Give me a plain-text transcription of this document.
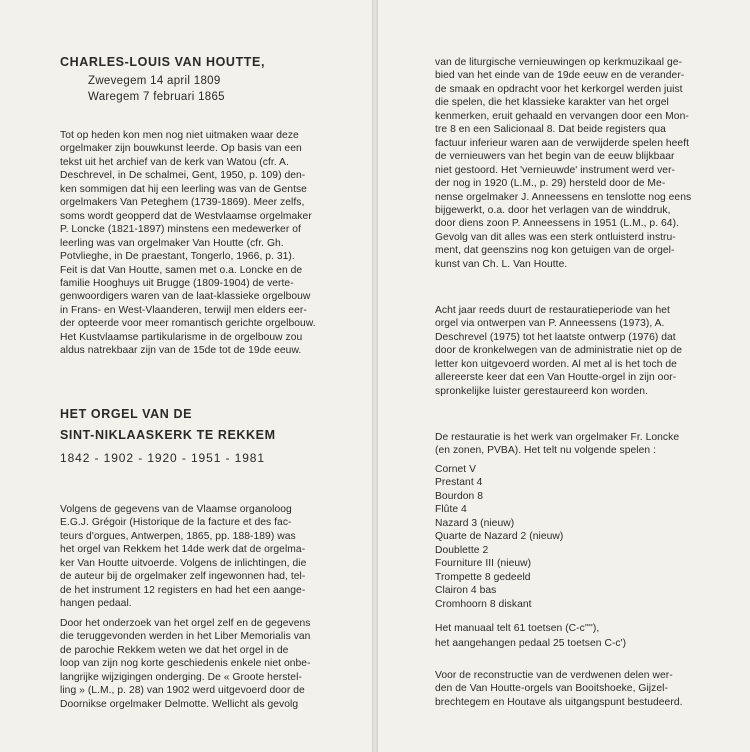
CHARLES-LOUIS VAN HOUTTE,

Zwevegem 14 april 1809

Waregem 7 februari 1865

Tot op heden kon men nog niet uitmaken waar deze

orgelmaker zijn bouwkunst leerde. Op basis van een

tekst uit het archief van de kerk van Watou (cfr. A.

Deschrevel, in De schalmei, Gent, 1950, p. 109) den-

ken sommigen dat hij een leerling was van de Gentse

orgelmakers Van Peteghem (1739-1869). Meer zelfs,

soms wordt geopperd dat de Westvlaamse orgelmaker

P. Loncke (1821-1897) minstens een medewerker of

leerling was van orgelmaker Van Houtte (cfr. Gh.

Potvlieghe, in De praestant, Tongerlo, 1966, p. 31).

Feit is dat Van Houtte, samen met o.a. Loncke en de

familie Hooghuys uit Brugge (1809-1904) de verte-

genwoordigers waren van de laat-klassieke orgelbouw

in Frans- en West-Vlaanderen, terwijl men elders eer-

der opteerde voor meer romantisch gerichte orgelbouw.

Het Kustvlaamse partikularisme in de orgelbouw zou

aldus natrekbaar zijn van de 15de tot de 19de eeuw.

HET ORGEL VAN DE

SINT-NIKLAASKERK TE REKKEM

1842 - 1902 - 1920 - 1951 - 1981

Volgens de gegevens van de Vlaamse organoloog

E.G.J. Grégoir (Historique de la facture et des fac-

teurs d'orgues, Antwerpen, 1865, pp. 188-189) was

het orgel van Rekkem het 14de werk dat de orgelma-

ker Van Houtte uitvoerde. Volgens de inlichtingen, die

de auteur bij de orgelmaker zelf ingewonnen had, tel-

de het instrument 12 registers en had het een aange-

hangen pedaal.

Door het onderzoek van het orgel zelf en de gegevens

die teruggevonden werden in het Liber Memorialis van

de parochie Rekkem weten we dat het orgel in de

loop van zijn nog korte geschiedenis enkele niet onbe-

langrijke wijzigingen onderging. De « Groote herstel-

ling » (L.M., p. 28) van 1902 werd uitgevoerd door de

Doornikse orgelmaker Delmotte. Wellicht als gevolg

van de liturgische vernieuwingen op kerkmuzikaal ge-

bied van het einde van de 19de eeuw en de verander-

de smaak en opdracht voor het kerkorgel werden juist

die spelen, die het klassieke karakter van het orgel

kenmerken, eruit gehaald en vervangen door een Mon-

tre 8 en een Salicionaal 8. Dat beide registers qua

factuur inferieur waren aan de verwijderde spelen heeft

de vernieuwers van het begin van de eeuw blijkbaar

niet gestoord. Het 'vernieuwde' instrument werd ver-

der nog in 1920 (L.M., p. 29) hersteld door de Me-

nense orgelmaker J. Anneessens en tenslotte nog eens

bijgewerkt, o.a. door het verlagen van de winddruk,

door diens zoon P. Anneessens in 1951 (L.M., p. 64).

Gevolg van dit alles was een sterk ontluisterd instru-

ment, dat geenszins nog kon getuigen van de orgel-

kunst van Ch. L. Van Houtte.

Acht jaar reeds duurt de restauratieperiode van het

orgel via ontwerpen van P. Anneessens (1973), A.

Deschrevel (1975) tot het laatste ontwerp (1976) dat

door de kronkelwegen van de administratie niet op de

letter kon uitgevoerd worden. Al met al is het toch de

allereerste keer dat een Van Houtte-orgel in zijn oor-

spronkelijke luister gerestaureerd kon worden.

De restauratie is het werk van orgelmaker Fr. Loncke

(en zonen, PVBA). Het telt nu volgende spelen :

Cornet V

Prestant 4

Bourdon 8

Flûte 4

Nazard 3 (nieuw)

Quarte de Nazard 2 (nieuw)

Doublette 2

Fourniture III (nieuw)

Trompette 8 gedeeld

Clairon 4 bas

Cromhoorn 8 diskant

Het manuaal telt 61 toetsen (C-c''''),

het aangehangen pedaal 25 toetsen C-c')

Voor de reconstructie van de verdwenen delen wer-

den de Van Houtte-orgels van Booitshoeke, Gijzel-

brechtegem en Houtave als uitgangspunt bestudeerd.
